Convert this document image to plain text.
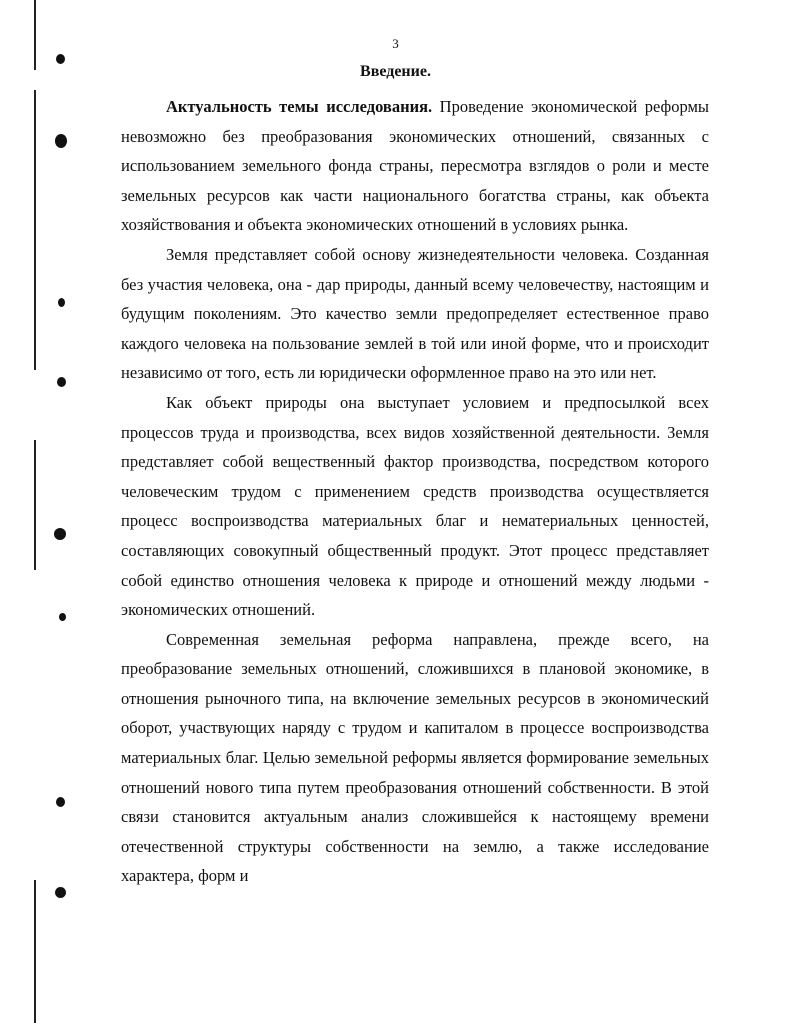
3
Введение.

Актуальность темы исследования. Проведение экономической реформы невозможно без преобразования экономических отношений, связанных с использованием земельного фонда страны, пересмотра взглядов о роли и месте земельных ресурсов как части национального богатства страны, как объекта хозяйствования и объекта экономических отношений в условиях рынка.

Земля представляет собой основу жизнедеятельности человека. Созданная без участия человека, она - дар природы, данный всему человечеству, настоящим и будущим поколениям. Это качество земли предопределяет естественное право каждого человека на пользование землей в той или иной форме, что и происходит независимо от того, есть ли юридически оформленное право на это или нет.

Как объект природы она выступает условием и предпосылкой всех процессов труда и производства, всех видов хозяйственной деятельности. Земля представляет собой вещественный фактор производства, посредством которого человеческим трудом с применением средств производства осуществляется процесс воспроизводства материальных благ и нематериальных ценностей, составляющих совокупный общественный продукт. Этот процесс представляет собой единство отношения человека к природе и отношений между людьми - экономических отношений.

Современная земельная реформа направлена, прежде всего, на преобразование земельных отношений, сложившихся в плановой экономике, в отношения рыночного типа, на включение земельных ресурсов в экономический оборот, участвующих наряду с трудом и капиталом в процессе воспроизводства материальных благ. Целью земельной реформы является формирование земельных отношений нового типа путем преобразования отношений собственности. В этой связи становится актуальным анализ сложившейся к настоящему времени отечественной структуры собственности на землю, а также исследование характера, форм и
